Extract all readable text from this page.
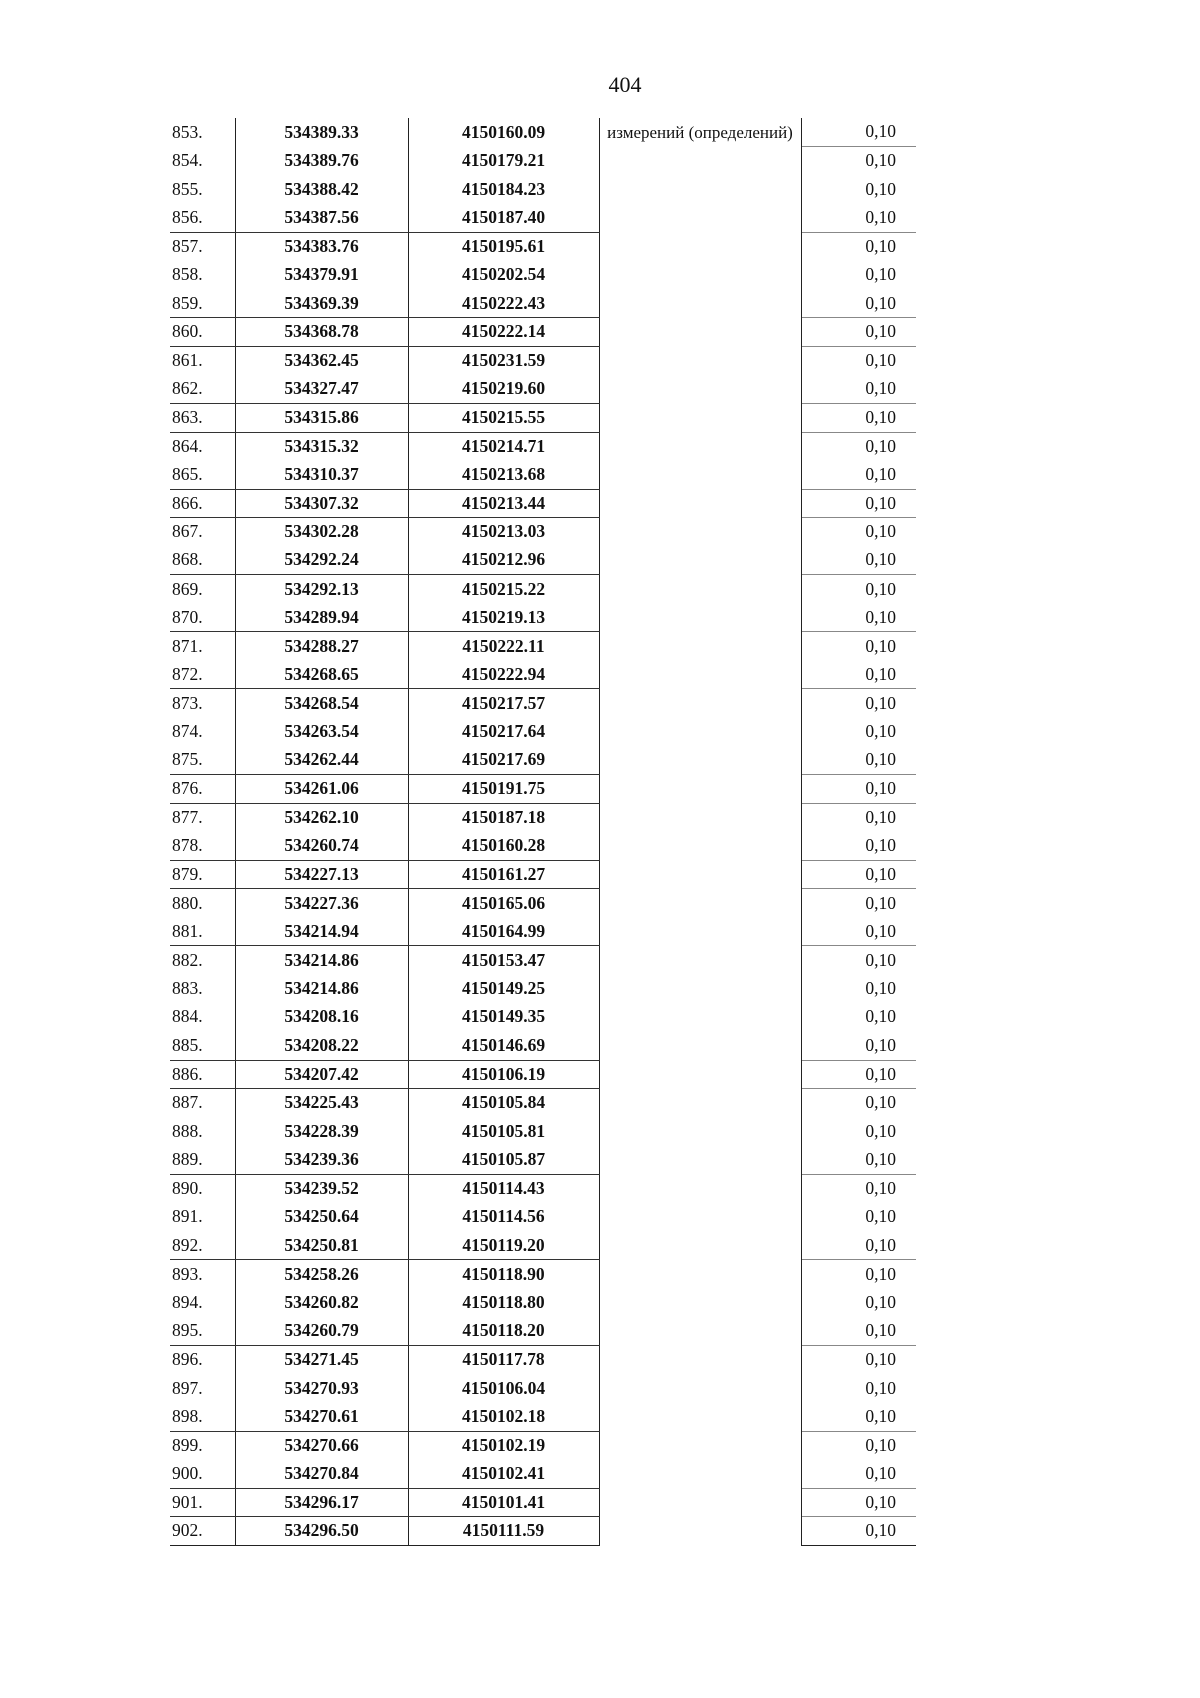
404
853.	534389.33	4150160.09	измерений (определений)	0,10
854.	534389.76	4150179.21		0,10
855.	534388.42	4150184.23		0,10
856.	534387.56	4150187.40		0,10
857.	534383.76	4150195.61		0,10
858.	534379.91	4150202.54		0,10
859.	534369.39	4150222.43		0,10
860.	534368.78	4150222.14		0,10
861.	534362.45	4150231.59		0,10
862.	534327.47	4150219.60		0,10
863.	534315.86	4150215.55		0,10
864.	534315.32	4150214.71		0,10
865.	534310.37	4150213.68		0,10
866.	534307.32	4150213.44		0,10
867.	534302.28	4150213.03		0,10
868.	534292.24	4150212.96		0,10
869.	534292.13	4150215.22		0,10
870.	534289.94	4150219.13		0,10
871.	534288.27	4150222.11		0,10
872.	534268.65	4150222.94		0,10
873.	534268.54	4150217.57		0,10
874.	534263.54	4150217.64		0,10
875.	534262.44	4150217.69		0,10
876.	534261.06	4150191.75		0,10
877.	534262.10	4150187.18		0,10
878.	534260.74	4150160.28		0,10
879.	534227.13	4150161.27		0,10
880.	534227.36	4150165.06		0,10
881.	534214.94	4150164.99		0,10
882.	534214.86	4150153.47		0,10
883.	534214.86	4150149.25		0,10
884.	534208.16	4150149.35		0,10
885.	534208.22	4150146.69		0,10
886.	534207.42	4150106.19		0,10
887.	534225.43	4150105.84		0,10
888.	534228.39	4150105.81		0,10
889.	534239.36	4150105.87		0,10
890.	534239.52	4150114.43		0,10
891.	534250.64	4150114.56		0,10
892.	534250.81	4150119.20		0,10
893.	534258.26	4150118.90		0,10
894.	534260.82	4150118.80		0,10
895.	534260.79	4150118.20		0,10
896.	534271.45	4150117.78		0,10
897.	534270.93	4150106.04		0,10
898.	534270.61	4150102.18		0,10
899.	534270.66	4150102.19		0,10
900.	534270.84	4150102.41		0,10
901.	534296.17	4150101.41		0,10
902.	534296.50	4150111.59		0,10
